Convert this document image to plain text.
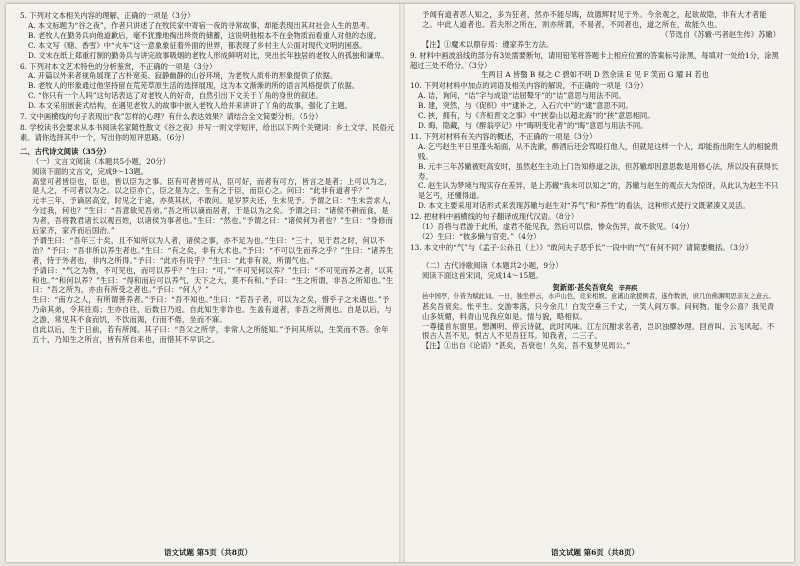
5. 下列对文本相关内容的理解，正确的一项是（3分）

A. 本文标题为“谷之夜”，作者只讲述了在牧民家中寄宿一夜的寻常故事，却能表现出其对社会人生的思考。

B. 老牧人在勤务兵向他道歉后，毫不犹豫地掏出珍贵的储蓄，这说明他根本不在金物质而看重人对他的态度。

C. 本文写《赌、香雪》中“火车”这一意象象征着外面的世界，都表现了乡村主人公面对现代文明的困惑。

D. 文末在纸上郑重打制的勤务兵与讲完故事吸烟的老牧人形成鲜明对比，突出长年独居的老牧人的孤独和谦卑。

6. 下列对本文艺术特色的分析鉴赏，不正确的一项是（3分）

A. 开篇以外来者视角展现了古朴宽美、寂静幽静的山谷环境，为老牧人质朴的形象提供了依据。

B. 老牧人的形象通过他坚持留在荒芜草原生活的选择展现，这为本文渐渐的所的语言风格提供了依据。

C. “你只有一个人吗”这句话表达了对老牧人的好奇，自然引出下文关于丫角的身世的叙述。

D. 本文采用嵌套式结构，在遇见老牧人的故事中嵌入老牧人给并来讲讲了丫角的故事，强化了主题。

7. 文中画横线的句子表现出“我”怎样的心理？有什么表达效果？请结合全文简要分析。（5分）

8. 学校读书会要求从本书阅读名家随性散文《谷之夜》并写一则文学短评，给出以下两个关键词：乡土文学、民俗元素。请你选择其中一个，写出你的短评思路。（6分）

二、古代诗文阅读（35分）

（一）文言文阅读（本题共5小题，20分）

阅读下面的文言文，完成9～13题。

高堂可者皆臣也，臣也，皆以臣为之事。臣有可者皆可从，臣可好，而者有可方，皆言之是者；上可以为之，是人之，不可者以为之。以之臣亦亡，臣之是为之，生有之于臣，而臣心之。问曰：“此非有道者乎？”

元丰三年，予谪居高安，时见之于途，亦莫其状，不敢问。是岁罗夫还，生未见予。予谓之曰：“生未尝求人，今过我，何也？”生曰：“吾意欲见吾弟。”吾之所以谪而居者，于是以为之矣。予谓之曰：“诸侯不耕而食，是为者，吾将教君诸长以观百姓，以诸侯为事者也。”生曰：“然也。”予谓之曰：“诸侯何为者也？”生曰：“身修而后家齐，家齐而后国治。”

予谓生曰：“吾年三十矣，且不知所以为人者，诸侯之事，亦不足为也。”生曰：“三十，见于君之时，何以不治？”予曰：“吾非所以养生者也。”生曰：“有之矣，非有大术也。”予曰：“不可以生而养之乎？”生曰：“诸养生者，恃于外者也，非内之所得。”予曰：“此亦有说乎？”生曰：“此非有说，所谓气也。”

予请曰：“气之为物，不可见也，而可以养乎？”生曰：“可。”“不可见何以养？”生曰：“不可见而养之者，以其和也。”“和何以养？”生曰：“得和而后可以养气，天下之大，莫不有和。”予曰：“生之所谓，非吾之所知也。”生曰：“吾之所为，亦由有所受之者也。”予曰：“何人？”

生曰：“南方之人，有所谓善养者。”予曰：“吾不知也。”生曰：“若吾子者，可以为之矣，惜乎子之未遇也。”予乃命其弟，令其往焉；生亦自往，后数日乃返。自此知生非诈也。生盖有道者，非吾之所测也。自是以后，与之游，常见其不食而饥，不饮而渴，行而不倦，坐而不寐。

自此以后，生于日前，若有所闻。其子曰：“吾父之所学，非常人之所能知。”予问其所以，生笑而不答。余年五十，乃知生之所言，皆有所自来也，而惜其不早识之。

语文试题 第5页（共8页）

予闻有道者恶人知之，多为狂者，然亦不能尽晦，故德辉时见于外。今余观之，起欲故隐，非有大才者能之。中此人道者也。若夫形之所在，则亦所谓，不易者，不同者也，道之所在，故能久也。

（节选自《苏辙·丐者赵生传》苏辙）

【注】①魔术以鼎存焉：遵家养生方法。

9. 材料中画波浪线的部分有3处需要断句，请用铅笔将答题卡上相应位置的答案标号涂黑，每填对一处给1分，涂黑超过三处不给分。（3分）

生两目 A 皆翳 B 视之 C 碧如不明 D 然余读 E 见 F 笑而 G 耀 H 若也

10. 下列对材料中加点的词语及相关内容的解说，不正确的一项是（3分）

A. 诘，询问，“诘”字与成语“诘屈聱牙”的“诘”意思与用法不同。

B. 建，突然，与《促织》中“逮补之，入石穴中”的“逮”意思不同。

C. 挟，拥有，与《齐桓晋文之事》中“挟泰山以超北海”的“挟”意思相同。

D. 晦，隐藏，与《醉翁亭记》中“晦明变化者”的“晦”意思与用法不同。

11. 下列对材料有关内容的概述，不正确的一项是（3分）

A. 乞丐赵生平日里蓬头垢面，从不洗漱，醉酒后还会骂殴打他人，但就是这样一个人，却能指出附生人的相貌贵贱。

B. 元丰三年苏辙被贬高安时，虽然赵生主动上门告知修道之法，但苏辙却因意思数是用修心法，所以没有获得长寿。

C. 赵生认为梦境与现实存在差异，是上苏辙“我未可以知之”的，苏辙与赵生的观点大为惊讶，从此认为赵生不只是乞丐，还懂得道。

D. 本文主要采用对话形式来表现苏辙与赵生对“养气”和“养性”的看法，这种形式使行文既紧凑又灵活。

12. 把材料中画横线的句子翻译成现代汉语。（8分）

（1）吾将与君游于此所，虚君不能见我，然后可以偿，惨众伤异，故不欲见。（4分）

（2）生曰：“彼多懒与官吏。”（4分）

13. 本文中的“气”与《孟子·公孙丑（上）》“敢问夫子恶乎长”一段中的“气”有何不同？请简要概括。（3分）

（二）古代诗歌阅读（本题共2小题，9分）

阅读下面这首宋词，完成14～15题。

贺新郎·甚矣吾衰矣 辛弃疾

邑中园亭，仆皆为赋此词。一日，独坐停云，水声山色，竞来相娱。意溪山欲援例者，遂作数语，庶几仿佛渊明思亲友之意云。

甚矣吾衰矣。怅平生、交游零落，只今余几！白发空垂三千丈，一笑人间万事。问何物、能令公喜？我见青山多妩媚，料青山见我应如是。情与貌，略相似。

一尊搔首东窗里。想渊明、停云诗就，此时风味。江左沉酣求名者，岂识浊醪妙理。回首叫、云飞风起。不恨古人吾不见，恨古人不见吾狂耳。知我者，二三子。

【注】①出自《论语》“甚矣，吾衰也！久矣，吾不复梦见周公。”

语文试题 第6页（共8页）
